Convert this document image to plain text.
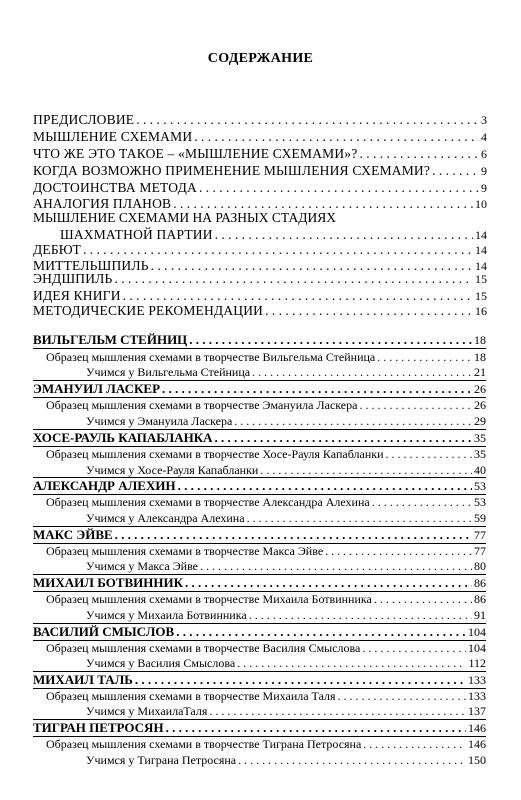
СОДЕРЖАНИЕ
ПРЕДИСЛОВИЕ . . .	3
МЫШЛЕНИЕ СХЕМАМИ . . .	4
ЧТО ЖЕ ЭТО ТАКОЕ – «МЫШЛЕНИЕ СХЕМАМИ»? . . .	6
КОГДА ВОЗМОЖНО ПРИМЕНЕНИЕ МЫШЛЕНИЯ СХЕМАМИ? . . .	9
ДОСТОИНСТВА МЕТОДА . . .	9
АНАЛОГИЯ ПЛАНОВ . . .	10
МЫШЛЕНИЕ СХЕМАМИ НА РАЗНЫХ СТАДИЯХ
ШАХМАТНОЙ ПАРТИИ . . .	14
ДЕБЮТ . . .	14
МИТТЕЛЬШПИЛЬ . . .	14
ЭНДШПИЛЬ . . .	15
ИДЕЯ КНИГИ . . .	15
МЕТОДИЧЕСКИЕ РЕКОМЕНДАЦИИ . . .	16
ВИЛЬГЕЛЬМ СТЕЙНИЦ . . .	18
Образец мышления схемами в творчестве Вильгельма Стейница . . .	18
Учимся у Вильгельма Стейница . . .	21
ЭМАНУИЛ ЛАСКЕР . . .	26
Образец мышления схемами в творчестве Эмануила Ласкера . . .	26
Учимся у Эмануила Ласкера . . .	29
ХОСЕ-РАУЛЬ КАПАБЛАНКА . . .	35
Образец мышления схемами в творчестве Хосе-Рауля Капабланки . . .	35
Учимся у Хосе-Рауля Капабланки . . .	40
АЛЕКСАНДР АЛЕХИН . . .	53
Образец мышления схемами в творчестве Александра Алехина . . .	53
Учимся у Александра Алехина . . .	59
МАКС ЭЙВЕ . . .	77
Образец мышления схемами в творчестве Макса Эйве . . .	77
Учимся у Макса Эйве . . .	80
МИХАИЛ БОТВИННИК . . .	86
Образец мышления схемами в творчестве Михаила Ботвинника . . .	86
Учимся у Михаила Ботвинника . . .	91
ВАСИЛИЙ СМЫСЛОВ . . .	104
Образец мышления схемами в творчестве Василия Смыслова . . .	104
Учимся у Василия Смыслова . . .	112
МИХАИЛ ТАЛЬ . . .	133
Образец мышления схемами в творчестве Михаила Таля . . .	133
Учимся у МихаилаТаля . . .	137
ТИГРАН ПЕТРОСЯН . . .	146
Образец мышления схемами в творчестве Тиграна Петросяна . . .	146
Учимся у Тиграна Петросяна . . .	150
